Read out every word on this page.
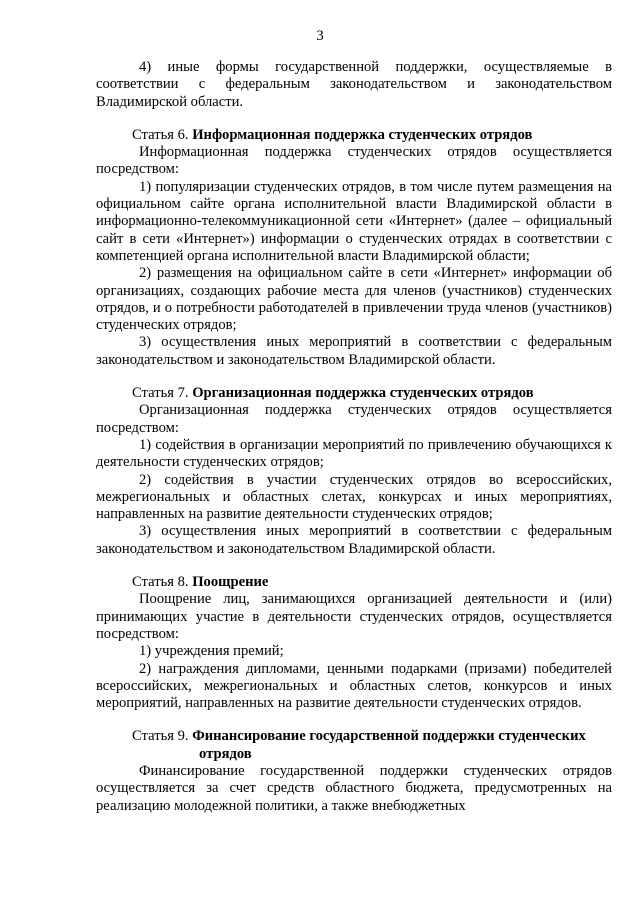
3

4) иные формы государственной поддержки, осуществляемые в соответствии с федеральным законодательством и законодательством Владимирской области.

Статья 6. Информационная поддержка студенческих отрядов

Информационная поддержка студенческих отрядов осуществляется посредством:

1) популяризации студенческих отрядов, в том числе путем размещения на официальном сайте органа исполнительной власти Владимирской области в информационно-телекоммуникационной сети «Интернет» (далее – официальный сайт в сети «Интернет») информации о студенческих отрядах в соответствии с компетенцией органа исполнительной власти Владимирской области;

2) размещения на официальном сайте в сети «Интернет» информации об организациях, создающих рабочие места для членов (участников) студенческих отрядов, и о потребности работодателей в привлечении труда членов (участников) студенческих отрядов;

3) осуществления иных мероприятий в соответствии с федеральным законодательством и законодательством Владимирской области.

Статья 7. Организационная поддержка студенческих отрядов

Организационная поддержка студенческих отрядов осуществляется посредством:

1) содействия в организации мероприятий по привлечению обучающихся к деятельности студенческих отрядов;

2) содействия в участии студенческих отрядов во всероссийских, межрегиональных и областных слетах, конкурсах и иных мероприятиях, направленных на развитие деятельности студенческих отрядов;

3) осуществления иных мероприятий в соответствии с федеральным законодательством и законодательством Владимирской области.

Статья 8. Поощрение

Поощрение лиц, занимающихся организацией деятельности и (или) принимающих участие в деятельности студенческих отрядов, осуществляется посредством:

1) учреждения премий;

2) награждения дипломами, ценными подарками (призами) победителей всероссийских, межрегиональных и областных слетов, конкурсов и иных мероприятий, направленных на развитие деятельности студенческих отрядов.

Статья 9. Финансирование государственной поддержки студенческих

отрядов

Финансирование государственной поддержки студенческих отрядов осуществляется за счет средств областного бюджета, предусмотренных на реализацию молодежной политики, а также внебюджетных
